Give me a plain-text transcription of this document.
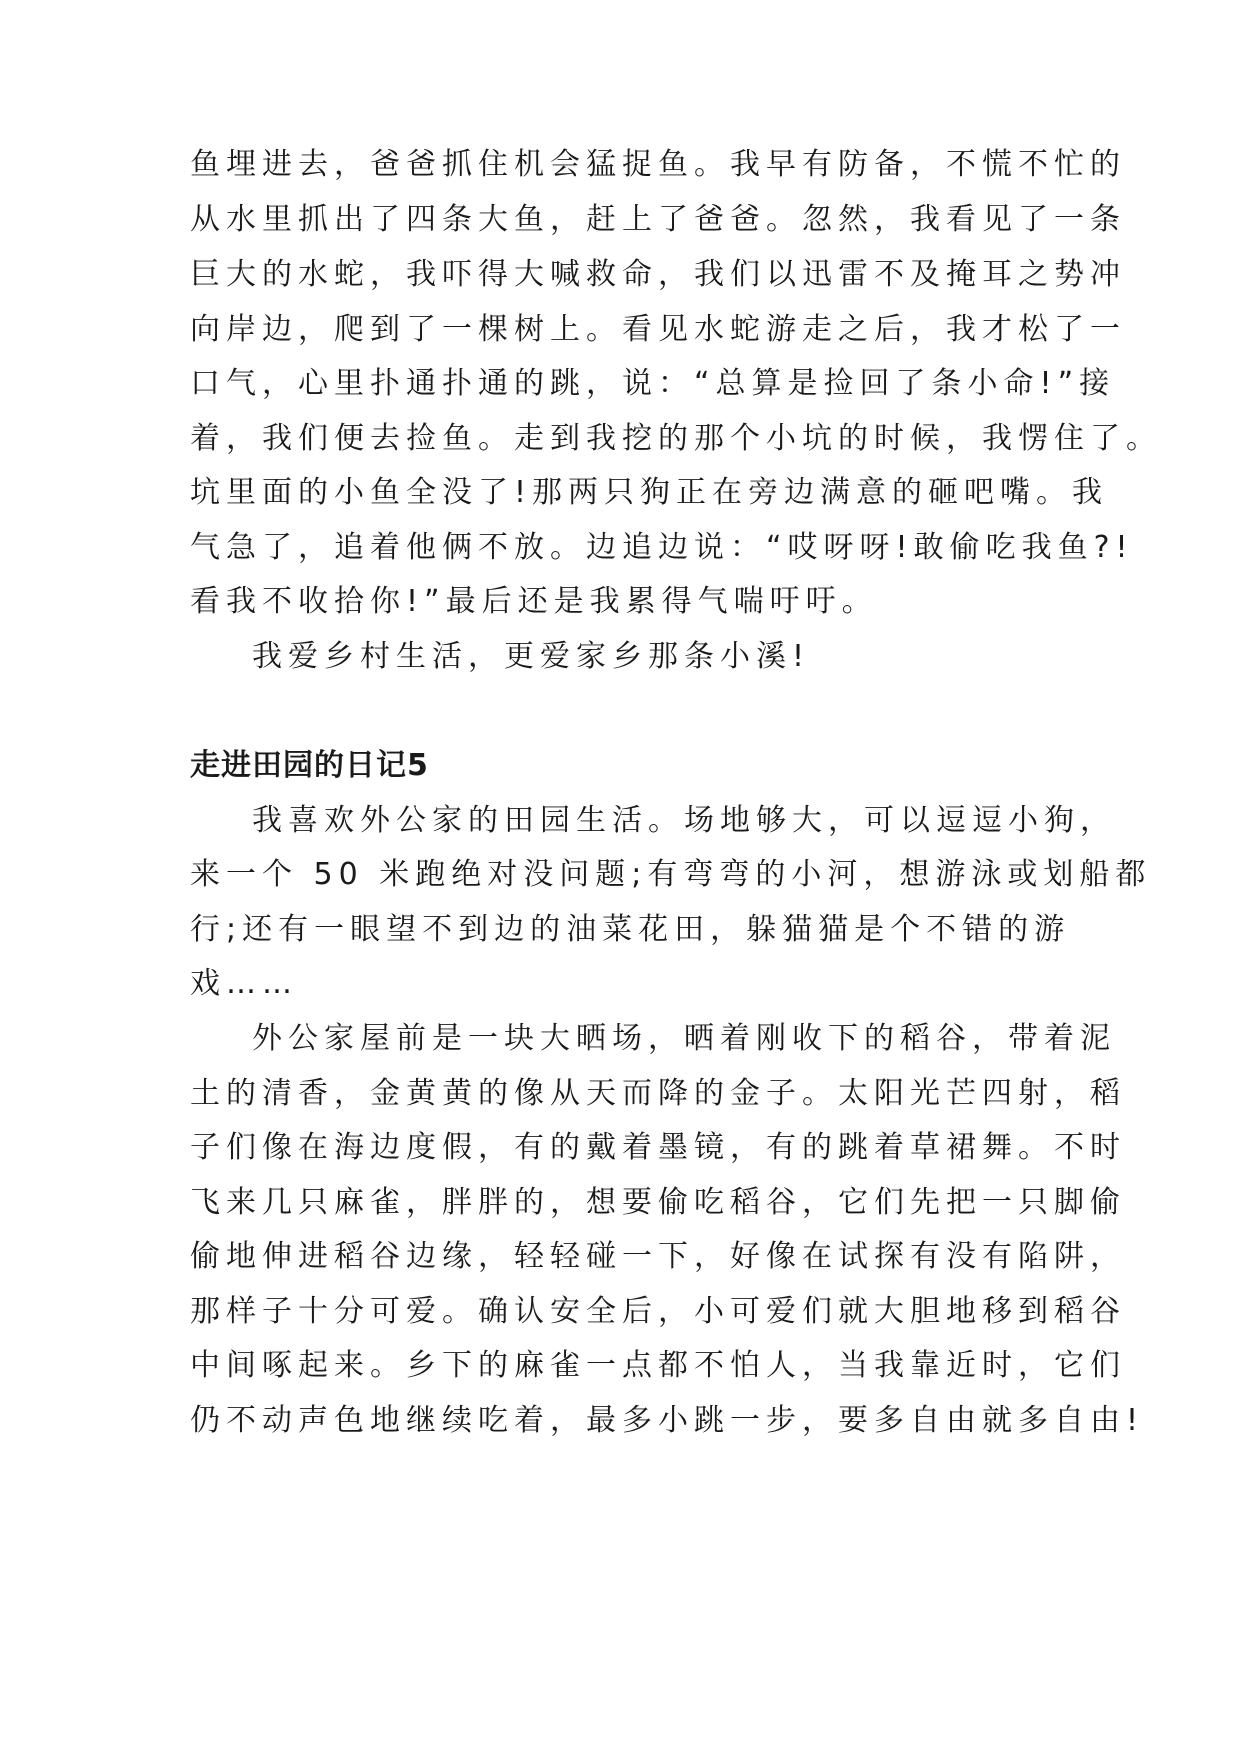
鱼埋进去，爸爸抓住机会猛捉鱼。我早有防备，不慌不忙的

从水里抓出了四条大鱼，赶上了爸爸。忽然，我看见了一条

巨大的水蛇，我吓得大喊救命，我们以迅雷不及掩耳之势冲

向岸边，爬到了一棵树上。看见水蛇游走之后，我才松了一

口气，心里扑通扑通的跳，说：“总算是捡回了条小命!”接

着，我们便去捡鱼。走到我挖的那个小坑的时候，我愣住了。

坑里面的小鱼全没了!那两只狗正在旁边满意的砸吧嘴。我

气急了，追着他俩不放。边追边说：“哎呀呀!敢偷吃我鱼?!

看我不收拾你!”最后还是我累得气喘吁吁。

我爱乡村生活，更爱家乡那条小溪!

走进田园的日记5

我喜欢外公家的田园生活。场地够大，可以逗逗小狗，

来一个 50 米跑绝对没问题;有弯弯的小河，想游泳或划船都

行;还有一眼望不到边的油菜花田，躲猫猫是个不错的游

戏……

外公家屋前是一块大晒场，晒着刚收下的稻谷，带着泥

土的清香，金黄黄的像从天而降的金子。太阳光芒四射，稻

子们像在海边度假，有的戴着墨镜，有的跳着草裙舞。不时

飞来几只麻雀，胖胖的，想要偷吃稻谷，它们先把一只脚偷

偷地伸进稻谷边缘，轻轻碰一下，好像在试探有没有陷阱，

那样子十分可爱。确认安全后，小可爱们就大胆地移到稻谷

中间啄起来。乡下的麻雀一点都不怕人，当我靠近时，它们

仍不动声色地继续吃着，最多小跳一步，要多自由就多自由!
